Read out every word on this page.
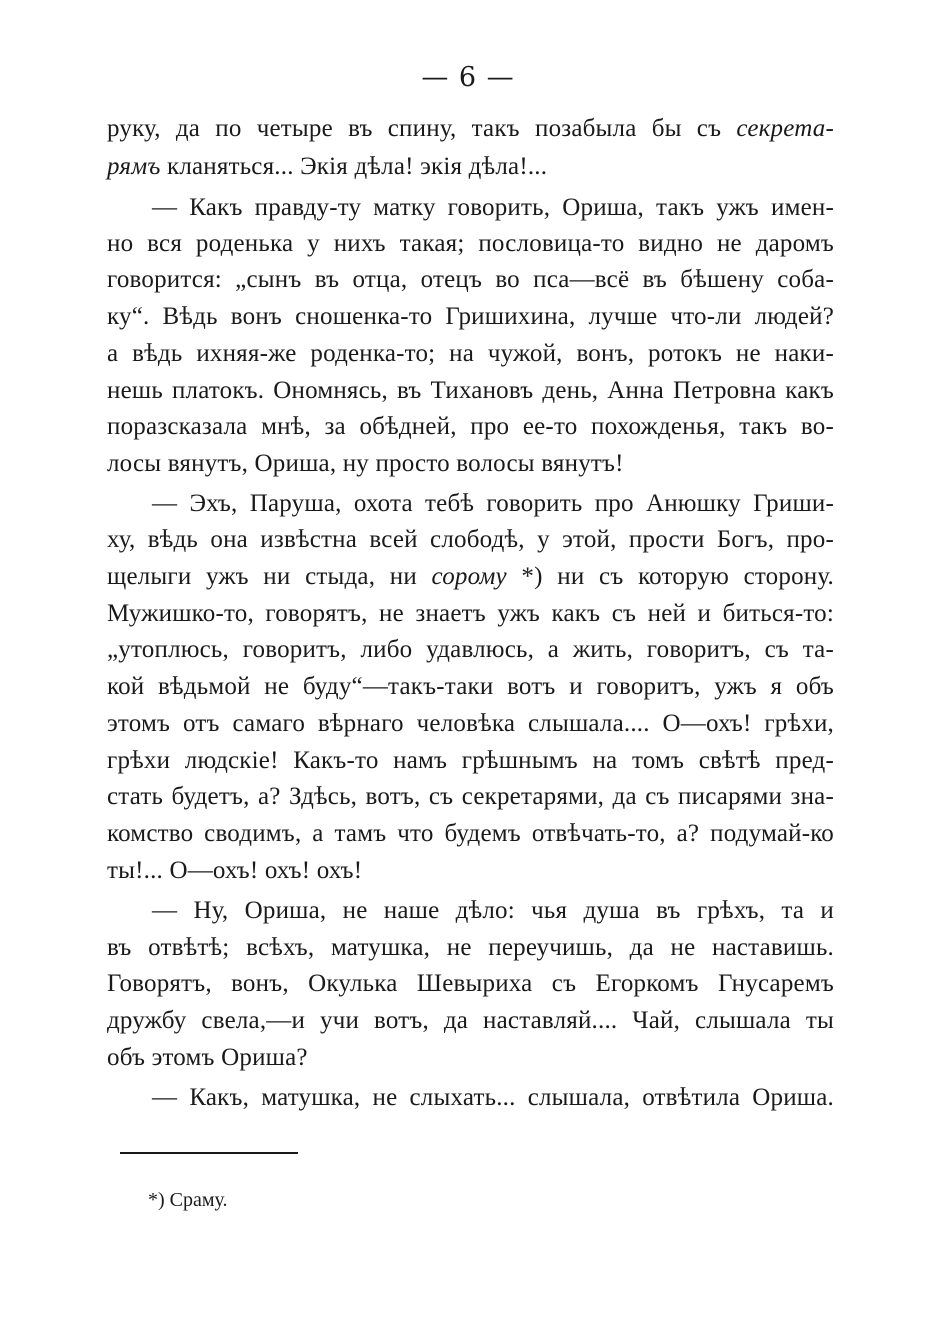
— 6 —
руку, да по четыре въ спину, такъ позабыла бы съ секрета-
рямъ кланяться... Экія дѣла! экія дѣла!...
— Какъ правду-ту матку говорить, Ориша, такъ ужъ имен-
но вся роденька у нихъ такая; пословица-то видно не даромъ
говорится: „сынъ въ отца, отецъ во пса—всё въ бѣшену соба-
ку“. Вѣдь вонъ сношенка-то Гришихина, лучше что-ли людей?
а вѣдь ихняя-же роденка-то; на чужой, вонъ, ротокъ не наки-
нешь платокъ. Ономнясь, въ Тихановъ день, Анна Петровна какъ
поразсказала мнѣ, за обѣдней, про ее-то похожденья, такъ во-
лосы вянутъ, Ориша, ну просто волосы вянутъ!
— Эхъ, Паруша, охота тебѣ говорить про Анюшку Гриши-
ху, вѣдь она извѣстна всей слободѣ, у этой, прости Богъ, про-
щелыги ужъ ни стыда, ни сорому *) ни съ которую сторону.
Мужишко-то, говорятъ, не знаетъ ужъ какъ съ ней и биться-то:
„утоплюсь, говоритъ, либо удавлюсь, а жить, говоритъ, съ та-
кой вѣдьмой не буду“—такъ-таки вотъ и говоритъ, ужъ я объ
этомъ отъ самаго вѣрнаго человѣка слышала.... О—охъ! грѣхи,
грѣхи людскіе! Какъ-то намъ грѣшнымъ на томъ свѣтѣ пред-
стать будетъ, а? Здѣсь, вотъ, съ секретарями, да съ писарями зна-
комство сводимъ, а тамъ что будемъ отвѣчать-то, а? подумай-ко
ты!... О—охъ! охъ! охъ!
— Ну, Ориша, не наше дѣло: чья душа въ грѣхъ, та и
въ отвѣтѣ; всѣхъ, матушка, не переучишь, да не наставишь.
Говорятъ, вонъ, Окулька Шевыриха съ Егоркомъ Гнусаремъ
дружбу свела,—и учи вотъ, да наставляй.... Чай, слышала ты
объ этомъ Ориша?
— Какъ, матушка, не слыхать... слышала, отвѣтила Ориша.
*) Сраму.
